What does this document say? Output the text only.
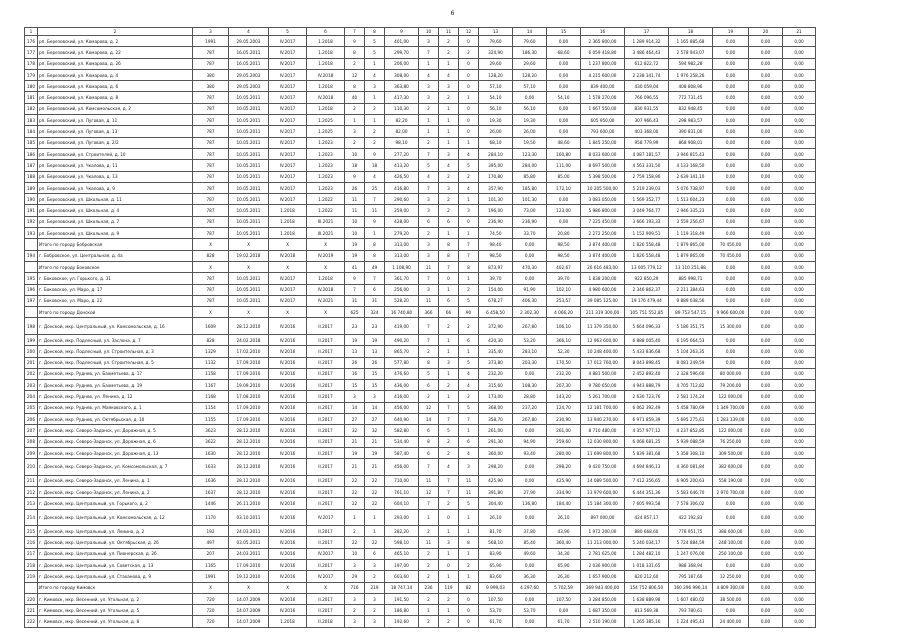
6
1	2	3	4	5	6	7	8	9	10	11	12	13	14	15	16	17	18	19	20	21
176	рп. Березовский, ул. Комарова, д. 2	1991	29.05.2003	IV.2017	1.2018	9	5	401,00	3	2	0	79,60	79,60	0,00	2 365 800,00	1 289 914,32	1 165 885,68	0,00	0,00	0,00
177	рп. Березовский, ул. Комарова, д. 22	787	16.05.2011	IV.2017	1.2018	8	5	299,70	7	2	2	324,90	186,30	68,60	6 059 418,80	3 486 464,43	2 578 943,07	0,00	0,00	0,00
178	рп. Березовский, ул. Комарова, д. 26	787	16.05.2011	IV.2017	1.2018	2	1	206,00	1	1	0	29,60	29,60	0,00	1 237 800,00	612 822,72	594 982,28	0,00	0,00	0,00
179	рп. Березовский, ул. Комарова, д. 4	380	29.05.2003	IV.2017	IV.2018	12	4	308,00	4	4	0	128,20	128,20	0,00	4 215 600,00	2 238 341,74	1 976 258,26	0,00	0,00	0,00
180	рп. Березовский, ул. Комарова, д. 6	380	29.05.2003	IV.2017	1.2018	8	3	363,80	3	3	0	57,10	57,10	0,00	839 400,00	430 059,04	408 808,96	0,00	0,00	0,00
181	рп. Березовский, ул. Комарова, д. 8	787	10.05.2011	IV.2017	IV.2018	40	1	417,30	3	2	1	54,10	0,00	54,10	1 578 270,00	766 096,55	772 731,45	0,00	0,00	0,00
182	рп. Березовский, ул. Комсомольская, д. 2	787	10.05.2011	IV.2017	1.2018	2	2	110,30	2	1	0	56,10	56,10	0,00	1 667 550,00	830 931,55	832 948,45	0,00	0,00	0,00
183	рп. Березовский, ул. Луговая, д. 11	787	10.05.2011	IV.2017	1.2025	1	1	82,20	1	1	0	19,30	19,30	0,00	605 950,00	307 966,43	298 983,57	0,00	0,00	0,00
184	рп. Березовский, ул. Луговая, д. 13	787	10.05.2011	IV.2017	1.2025	3	2	82,00	1	1	0	26,00	26,00	0,00	793 600,00	403 368,00	390 831,00	0,00	0,00	0,00
185	рп. Березовский, ул. Луговая, д. 2/2	787	10.05.2011	IV.2017	1.2023	2	2	98,10	2	1	1	68,10	19,50	48,60	1 845 250,00	958 779,99	868 908,01	0,00	0,00	0,00
186	рп. Березовский, ул. Строителей, д. 10	787	10.05.2011	IV.2017	1.2023	10	9	277,20	7	3	4	284,10	123,30	160,80	8 033 600,00	4 087 181,57	3 946 815,43	0,00	0,00	0,00
187	рп. Березовский, ул. Чкалова, д. 11	787	10.05.2011	IV.2017	1.2023	18	18	413,20	5	4	5	395,00	284,00	111,00	8 697 500,00	4 563 331,50	4 133 168,50	0,00	0,00	0,00
188	рп. Березовский, ул. Чкалова, д. 13	787	10.05.2011	IV.2017	1.2023	9	4	426,50	4	2	2	170,80	85,80	85,00	5 398 500,00	2 759 158,90	2 639 341,10	0,00	0,00	0,00
189	рп. Березовский, ул. Чкалова, д. 9	787	10.05.2011	IV.2017	1.2023	26	25	416,80	7	3	4	357,90	185,80	172,10	10 205 500,00	5 219 239,03	5 076 738,97	0,00	0,00	0,00
190	рп. Березовский, ул. Школьная, д. 11	787	10.05.2011	IV.2017	1.2022	11	7	290,60	3	2	1	101,30	101,30	0,00	3 083 050,00	1 569 352,77	1 513 604,23	0,00	0,00	0,00
191	рп. Березовский, ул. Школьная, д. 4	787	10.05.2011	1.2018	1.2022	11	11	259,00	3	2	3	196,00	73,00	123,00	5 986 800,00	3 049 764,77	2 946 335,23	0,00	0,00	0,00
192	рп. Березовский, ул. Школьная, д. 7	787	10.05.2011	1.2018	III.2021	10	9	428,00	6	6	0	236,90	236,90	0,00	7 225 450,00	3 666 193,33	3 559 256,67	0,00	0,00	0,00
193	рп. Березовский, ул. Школьная, д. 9	787	10.05.2011	1.2018	III.2021	10	1	279,20	2	1	1	74,50	33,70	20,80	2 272 250,00	1 152 909,51	1 119 318,49	0,00	0,00	0,00
	Итого по городу Бобровская	X	X	X	X	19	8	313,00	3	8	7	98,40	0,00	98,50	3 874 400,00	1 826 558,48	1 879 865,00	70 450,00	0,00	0,00
194	г. Бобровское, ул. Центральная, д. 4а	828	19.02.2018	IV.2018	IV.2019	19	8	313,00	3	8	7	98,50	0,00	98,50	3 874 400,00	1 826 558,48	1 879 865,00	70 450,00	0,00	0,00
	Итого по городу Боковское	X	X	X	X	41	49	1 108,90	11	7	8	873,97	470,30	402,67	26 616 483,00	13 005 779,12	13 110 251,88	0,00	0,00	0,00
195	г. Боковское, ул. Горького, д. 31	787	10.05.2011	IV.2017	1.2018	9	7	361,70	7	0	1	39,70	0,00	39,70	1 838 200,00	922 850,29	885 998,71	0,00	0,00	0,00
196	г. Боковское, ул. Маро, д. 17	787	10.05.2011	IV.2017	IV.2018	7	6	256,00	3	1	2	154,00	91,90	102,10	4 980 600,00	2 346 862,37	2 211 384,63	0,00	0,00	0,00
197	г. Боковское, ул. Маро, д. 22	787	10.05.2011	IV.2017	IV.2021	31	31	528,20	11	6	5	678,27	406,30	253,57	39 085 125,00	19 176 479,44	9 889 038,56	0,00	0,00	0,00
	Итого по городу Донской	X	X	X	X	625	324	16 740,80	366	66	90	6 458,50	2 302,30	4 066,20	211 319 300,00	105 751 552,85	89 753 547,15	9 966 600,00	0,00	0,00
198	г. Донской, мкр. Центральный, ул. Комсомольская, д. 16	1609	28.12.2010	IV.2016	II.2017	23	23	419,00	7	2	2	372,90	267,80	106,10	11 379 350,00	5 664 096,33	5 186 351,75	15 300,00	0,00	0,00
199	г. Донской, мкр. Подлесный, ул. Заслона, д. 7	828	24.02.2018	IV.2016	II.2017	19	19	490,20	7	1	6	420,30	53,20	366,10	12 963 600,00	6 888 005,40	6 195 664,53	0,00	0,00	0,00
200	г. Донской, мкр. Подлесный, ул. Строительная, д. 3	1329	17.02.2010	IV.2016	II.2017	13	13	865,70	2	1	1	335,40	283,10	52,30	10 248 400,00	5 433 836,68	5 104 263,35	0,00	0,00	0,00
201	г. Донской, мкр. Подлесный, ул. Строительная, д. 5	1132	17.09.2010	IV.2016	II.2017	26	26	577,80	8	3	5	373,80	203,30	170,50	17 012 760,00	8 043 898,45	8 081 249,59	0,00	0,00	0,00
202	г. Донской, мкр. Руднев, ул. Бахметьева, д. 17	1158	17.09.2010	IV.2016	II.2017	16	15	476,60	5	1	4	232,20	0,00	232,20	4 881 500,00	2 452 892,40	2 328 596,60	80 000,00	0,00	0,00
203	г. Донской, мкр. Руднев, ул. Бахметьева, д. 19	1167	19.09.2010	IV.2016	II.2017	15	15	436,00	6	2	4	315,60	108,30	207,30	9 780 650,00	4 943 888,79	4 705 712,82	79 200,00	0,00	0,00
204	г. Донской, мкр. Руднев, ул. Ленина, д. 12	1168	17.08.2010	IV.2016	II.2017	3	3	416,00	2	1	2	173,00	28,80	143,20	5 261 700,00	2 630 723,76	2 581 174,24	122 000,00	0,00	0,00
205	г. Донской, мкр. Руднев, ул. Маяковского, д. 1	1154	17.09.2010	IV.2016	II.2017	14	14	456,00	12	7	5	368,00	237,20	124,70	12 181 700,00	6 062 392,49	5 458 780,69	1 349 700,00	0,00	0,00
206	г. Донской, мкр. Руднев, ул. Октябрьская, д. 10	1155	17.09.2010	IV.2016	II.2017	27	27	640,90	14	7	7	358,70	267,80	230,90	13 940 270,00	6 971 859,39	5 695 275,61	1 283 139,00	0,00	0,00
207	г. Донской, мкр. Северо-Задонск, ул. Дорожная, д. 5	3623	28.12.2010	IV.2016	II.2017	32	32	582,80	6	5	1	261,00	0,00	261,00	8 710 480,00	4 357 977,12	4 237 852,85	122 000,00	0,00	0,00
208	г. Донской, мкр. Северо-Задонск, ул. Дорожная, д. 6	3622	28.12.2010	IV.2016	II.2017	21	21	534,40	8	2	6	291,30	94,90	259,60	12 030 800,00	6 068 681,25	5 939 088,59	76 250,00	0,00	0,00
209	г. Донской, мкр. Северо-Задонск, ул. Дорожная, д. 13	1630	28.12.2010	IV.2016	II.2017	19	19	587,40	6	2	4	360,00	93,40	280,00	11 699 800,00	5 839 381,68	5 358 308,10	309 500,00	0,00	0,00
210	г. Донской, мкр. Северо-Задонск, ул. Комсомольская, д. 7	1633	28.12.2010	IV.2016	II.2017	21	21	456,00	7	4	3	298,20	0,00	298,20	9 420 750,00	4 694 846,13	4 360 081,84	382 600,00	0,00	0,00
211	г. Донской, мкр. Северо-Задонск, ул. Ленина, д. 1	1636	28.12.2010	IV.2016	II.2017	22	22	710,00	11	7	11	425,90	0,00	425,90	14 089 500,00	7 412 356,65	6 905 200,63	558 190,00	0,00	0,00
212	г. Донской, мкр. Северо-Задонск, ул. Ленина, д. 2	1637	28.12.2010	IV.2016	II.2017	22	22	761,10	12	7	11	391,80	27,90	334,90	13 979 600,00	6 444 351,36	5 583 646,70	2 970 700,00	0,00	0,00
213	г. Донской, мкр. Центральный, ул. Горького, д. 2	1446	26.11.2010	IV.2016	II.2017	22	22	604,10	7	2	5	304,40	136,80	184,40	15 184 300,00	7 605 993,58	7 578 306,02	0,00	0,00	0,00
214	г. Донской, мкр. Центральный, ул. Комсомольская, д. 12	1170	03.10.2011	IV.2016	IV.2017	1	1	293,00	1	0	1	26,10	0,00	26,10	897 000,00	424 857,17	422 192,83	0,00	0,00	0,00
215	г. Донской, мкр. Центральный, ул. Ленина, д. 2	192	24.03.2011	IV.2016	II.2017	2	1	282,20	2	1	1	81,70	37,80	43,90	1 972 200,00	880 668,60	778 951,75	388 600,00	0,00	0,00
216	г. Донской, мкр. Центральный, ул. Октябрьская, д. 26	497	03.05.2011	IV.2016	II.2017	22	22	598,10	11	3	8	568,10	85,40	360,40	11 213 000,00	5 240 034,17	5 724 884,59	248 100,00	0,00	0,00
217	г. Донской, мкр. Центральный, ул. Пионерская, д. 26	207	24.03.2011	IV.2016	IV.2017	10	6	465,10	2	1	1	83,90	49,60	34,30	2 781 625,00	1 284 482,10	1 247 076,00	250 100,00	0,00	0,00
218	г. Донской, мкр. Центральный, ул. Советская, д. 13	1165	17.09.2010	IV.2016	II.2017	3	3	197,00	2	0	2	65,90	0,00	65,90	2 036 900,00	1 018 331,65	988 368,94	0,00	0,00	0,00
219	г. Донской, мкр. Центральный, ул. Стаханова, д. 9	1991	19.12.2010	IV.2016	IV.2017	29	2	603,60	2	1	1	83,60	36,30	26,30	1 657 900,00	820 212,60	795 187,60	12 250,00	0,00	0,00
	Итого по городу Кимовск	X	X	X	X	716	219	18 747,14	236	119	82	9 999,03	4 297,60	5 702,59	369 943 400,00	154 752 806,50	160 296 996,14	4 809 300,00	0,00	0,00
220	г. Кимовск, мкр. Весенний, ул. Угольная, д. 2	720	14.07.2009	IV.2016	II.2017	3	3	191,50	2	2	0	107,50	0,00	107,50	3 284 850,00	1 638 889,98	1 607 480,02	38 500,00	0,00	0,00
221	г. Кимовск, мкр. Весенний, ул. Угольная, д. 5	720	14.07.2009	IV.2016	II.2017	2	2	186,80	1	1	0	53,70	53,70	0,00	1 687 350,00	813 569,38	793 780,61	0,00	0,00	0,00
222	г. Кимовск, мкр. Весенний, ул. Угольная, д. 8	720	14.07.2009	1.2018	II.2018	3	3	192,60	2	2	0	61,70	0,00	61,70	2 510 190,00	1 265 385,16	1 224 495,43	24 400,00	0,00	0,00
